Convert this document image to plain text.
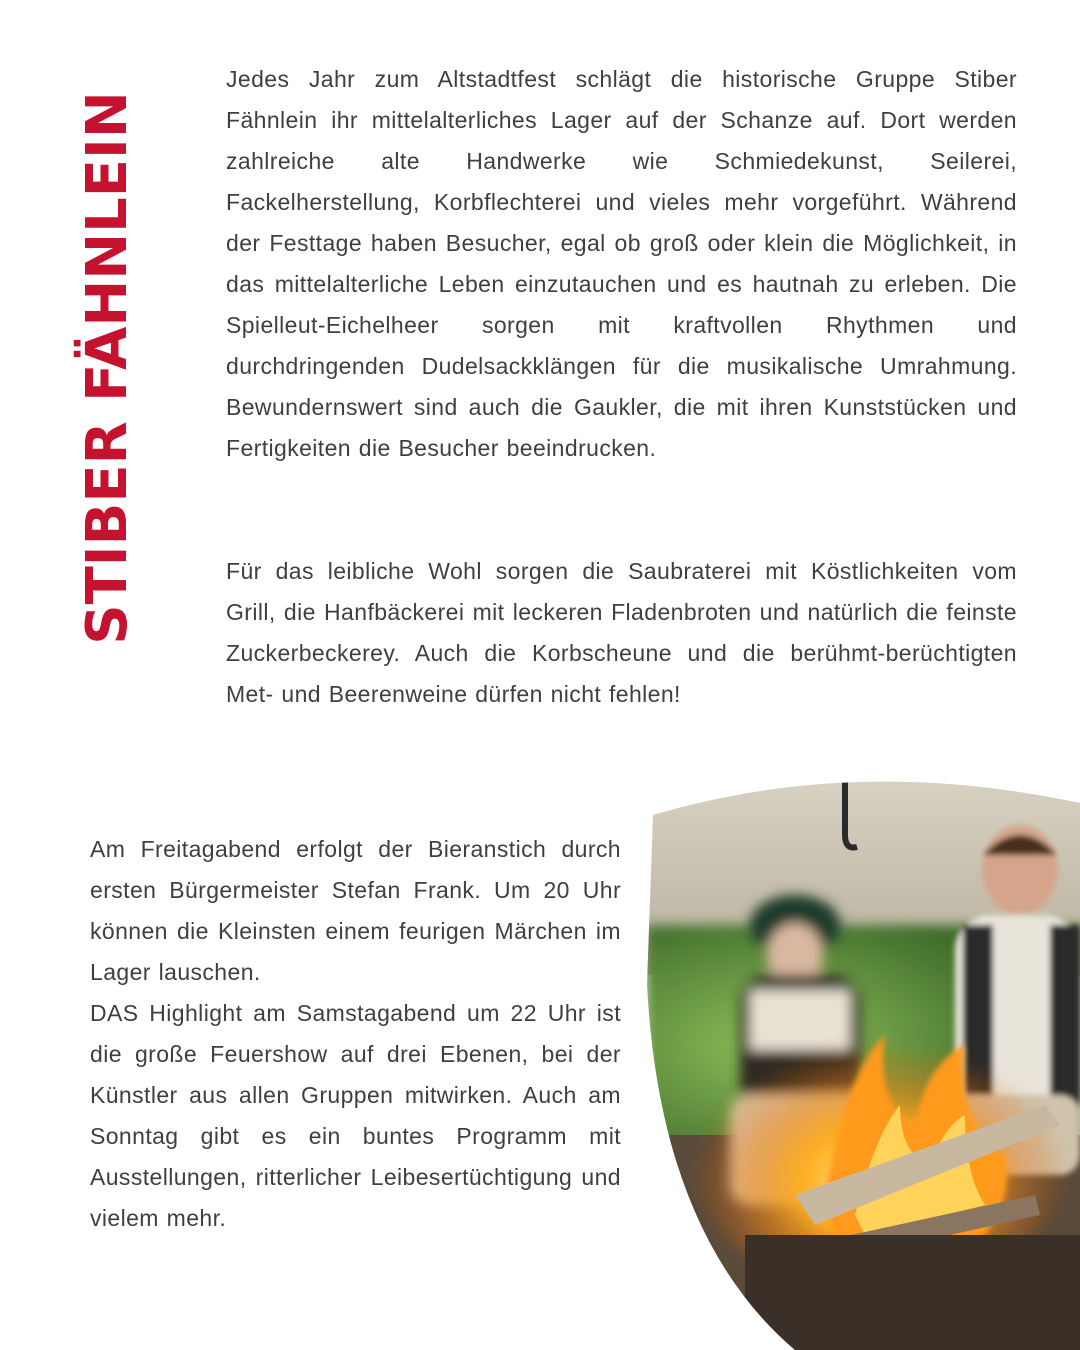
STIBER FÄHNLEIN

Jedes Jahr zum Altstadtfest schlägt die historische Gruppe Stiber Fähnlein ihr mittelalterliches Lager auf der Schanze auf. Dort werden zahlreiche alte Handwerke wie Schmiedekunst, Seilerei, Fackelherstellung, Korbflechterei und vieles mehr vorgeführt. Während der Festtage haben Besucher, egal ob groß oder klein die Möglichkeit, in das mittelalterliche Leben einzutauchen und es hautnah zu erleben. Die Spielleut-Eichelheer sorgen mit kraftvollen Rhythmen und durchdringenden Dudelsackklängen für die musikalische Umrahmung. Bewundernswert sind auch die Gaukler, die mit ihren Kunststücken und Fertigkeiten die Besucher beeindrucken.

Für das leibliche Wohl sorgen die Saubraterei mit Köstlichkeiten vom Grill, die Hanfbäckerei mit leckeren Fladenbroten und natürlich die feinste Zuckerbeckerey. Auch die Korbscheune und die berühmt-berüchtigten Met- und Beerenweine dürfen nicht fehlen!

Am Freitagabend erfolgt der Bieranstich durch ersten Bürgermeister Stefan Frank. Um 20 Uhr können die Kleinsten einem feurigen Märchen im Lager lauschen.

DAS Highlight am Samstagabend um 22 Uhr ist die große Feuershow auf drei Ebenen, bei der Künstler aus allen Gruppen mitwirken. Auch am Sonntag gibt es ein buntes Programm mit Ausstellungen, ritterlicher Leibesertüchtigung und vielem mehr.
